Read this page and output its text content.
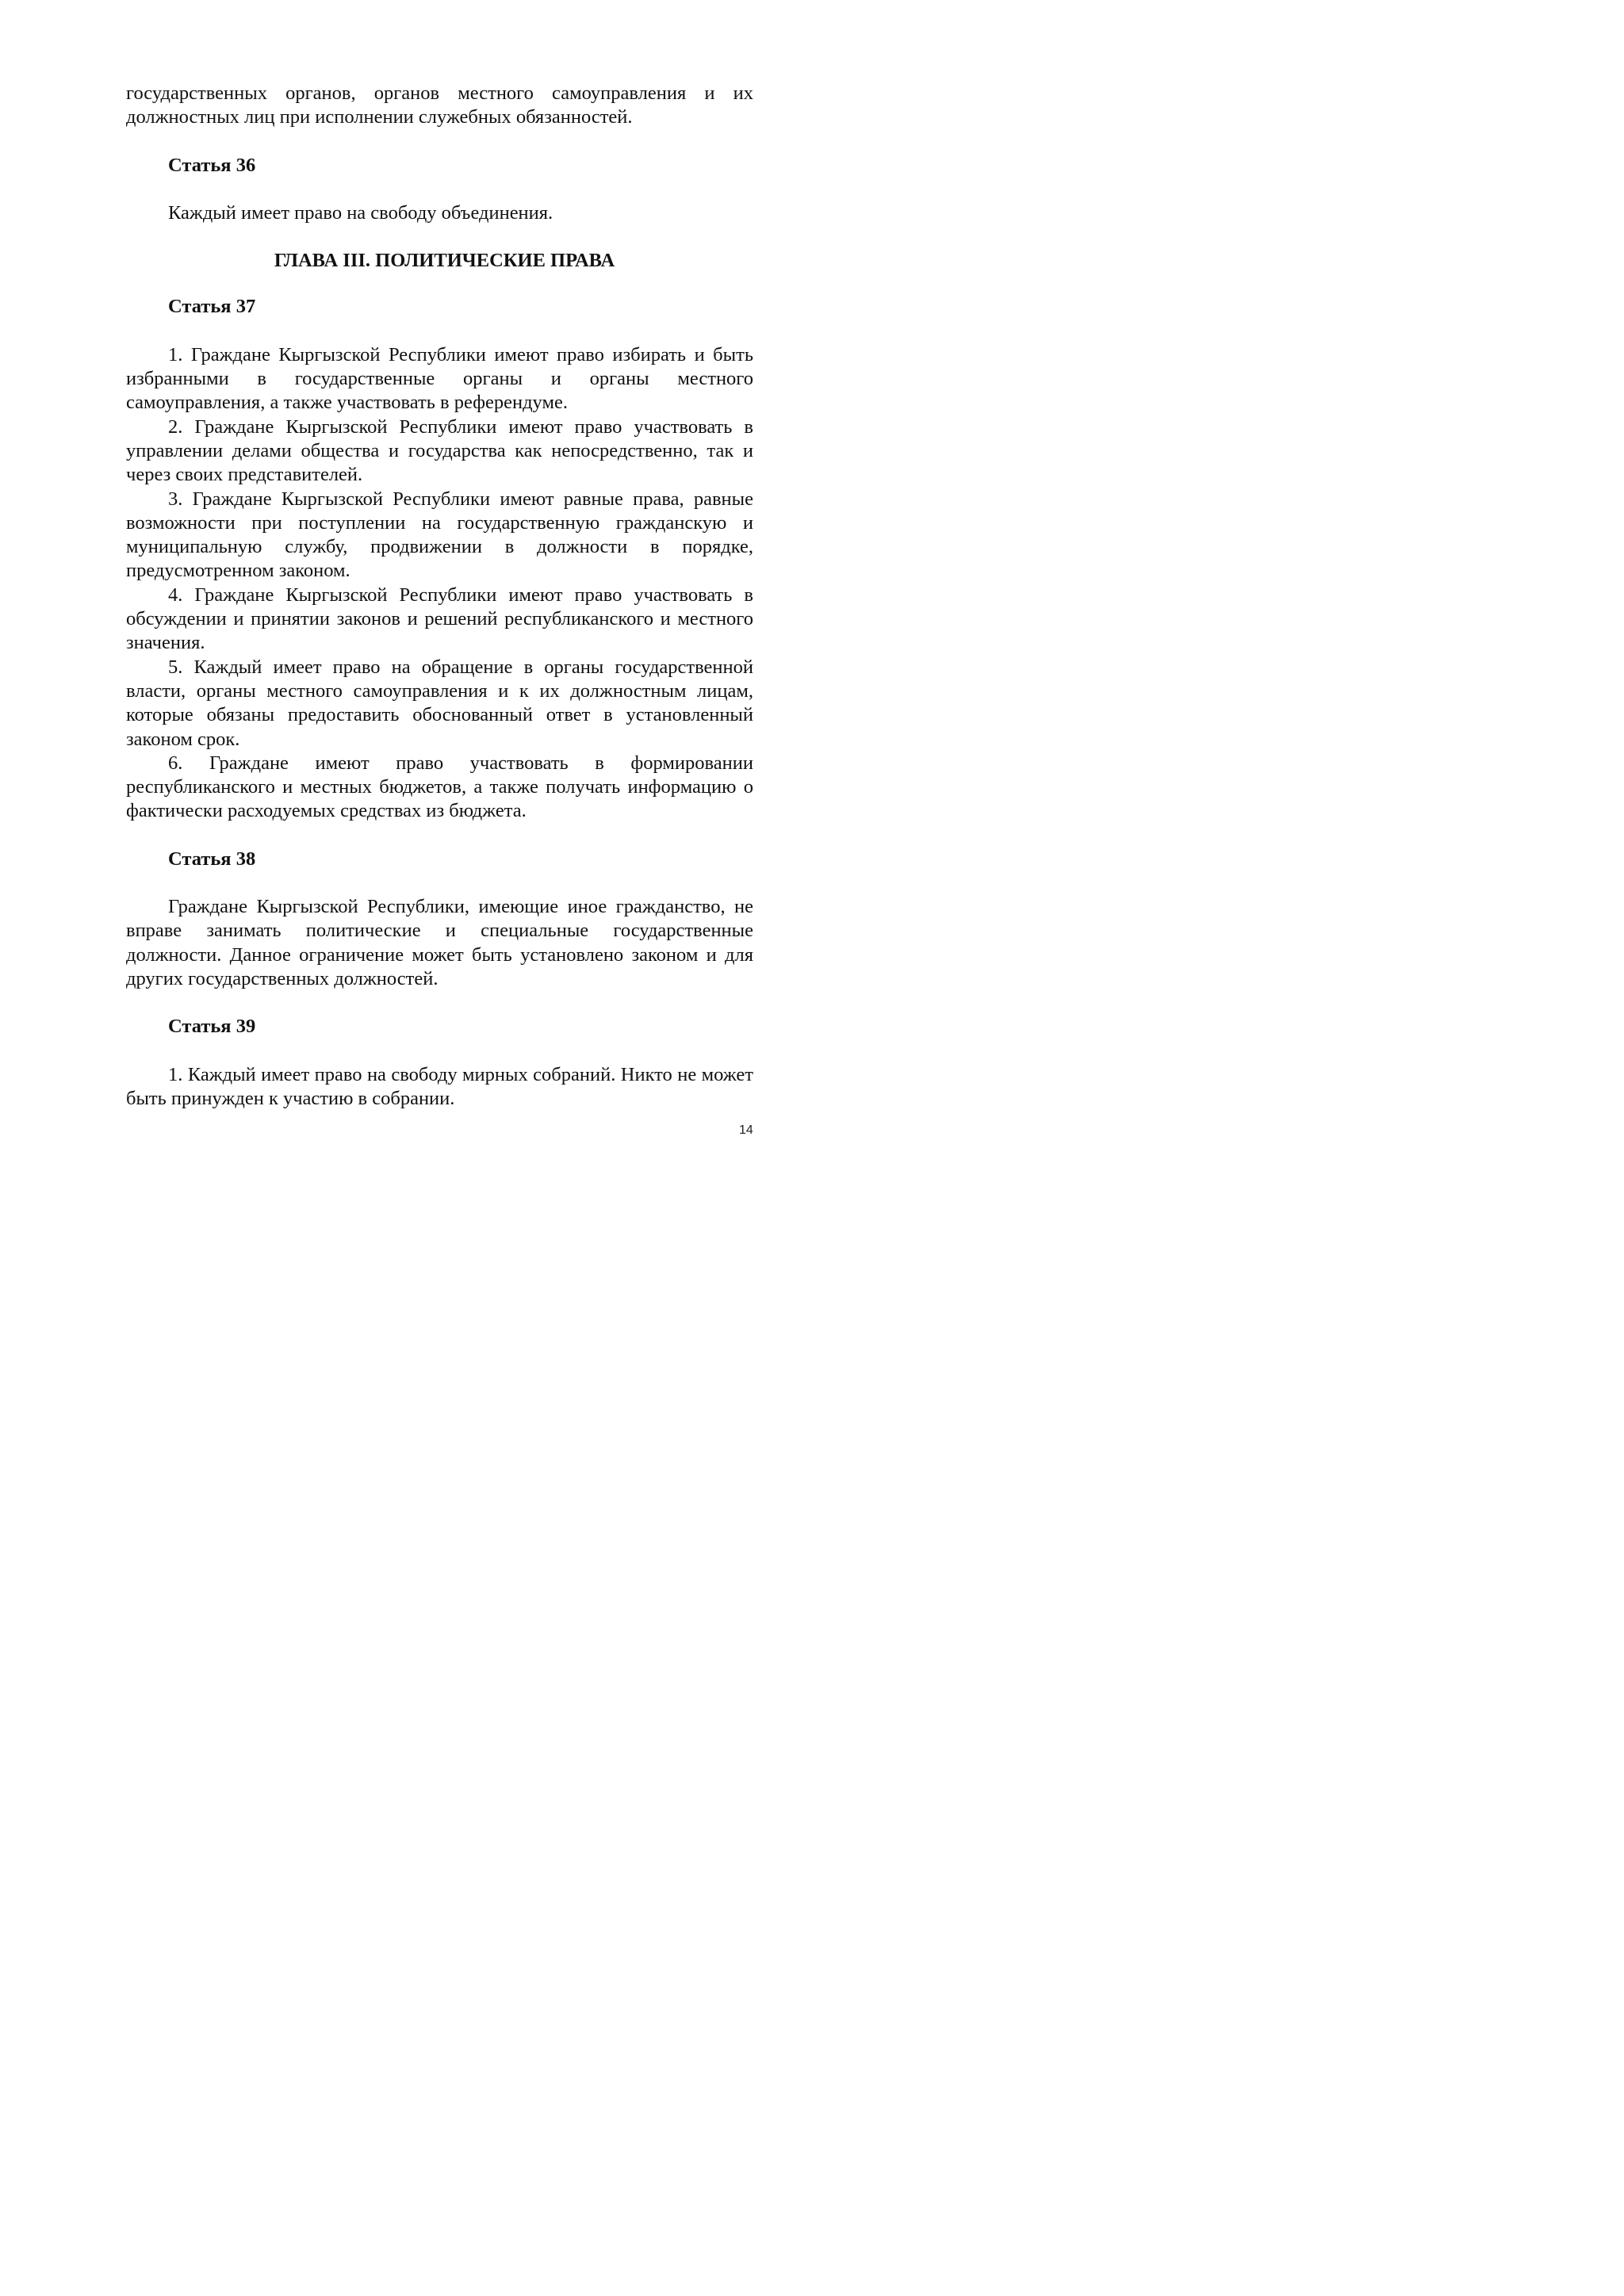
государственных органов, органов местного самоуправления и их должностных лиц при исполнении служебных обязанностей.

Статья 36

Каждый имеет право на свободу объединения.

ГЛАВА III. ПОЛИТИЧЕСКИЕ ПРАВА

Статья 37

1. Граждане Кыргызской Республики имеют право избирать и быть избранными в государственные органы и органы местного самоуправления, а также участвовать в референдуме.

2. Граждане Кыргызской Республики имеют право участвовать в управлении делами общества и государства как непосредственно, так и через своих представителей.

3. Граждане Кыргызской Республики имеют равные права, равные возможности при поступлении на государственную гражданскую и муниципальную службу, продвижении в должности в порядке, предусмотренном законом.

4. Граждане Кыргызской Республики имеют право участвовать в обсуждении и принятии законов и решений республиканского и местного значения.

5. Каждый имеет право на обращение в органы государственной власти, органы местного самоуправления и к их должностным лицам, которые обязаны предоставить обоснованный ответ в установленный законом срок.

6. Граждане имеют право участвовать в формировании республиканского и местных бюджетов, а также получать информацию о фактически расходуемых средствах из бюджета.

Статья 38

Граждане Кыргызской Республики, имеющие иное гражданство, не вправе занимать политические и специальные государственные должности. Данное ограничение может быть установлено законом и для других государственных должностей.

Статья 39

1. Каждый имеет право на свободу мирных собраний. Никто не может быть принужден к участию в собрании.

14
